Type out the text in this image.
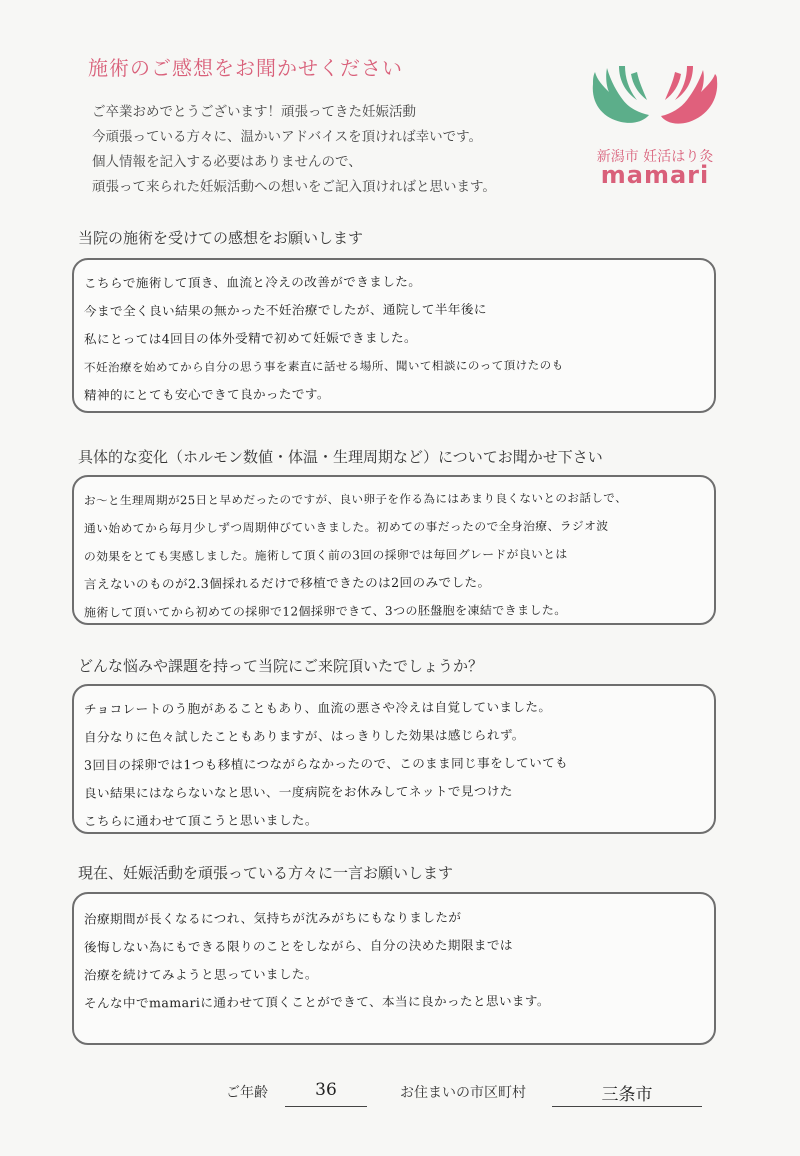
施術のご感想をお聞かせください
ご卒業おめでとうございます！頑張ってきた妊娠活動
今頑張っている方々に、温かいアドバイスを頂ければ幸いです。
個人情報を記入する必要はありませんので、
頑張って来られた妊娠活動への想いをご記入頂ければと思います。
新潟市 妊活はり灸
mamari
当院の施術を受けての感想をお願いします
こちらで施術して頂き、血流と冷えの改善ができました。
今まで全く良い結果の無かった不妊治療でしたが、通院して半年後に
私にとっては4回目の体外受精で初めて妊娠できました。
不妊治療を始めてから自分の思う事を素直に話せる場所、聞いて相談にのって頂けたのも
精神的にとても安心できて良かったです。
具体的な変化（ホルモン数値・体温・生理周期など）についてお聞かせ下さい
お～と生理周期が25日と早めだったのですが、良い卵子を作る為にはあまり良くないとのお話しで、
通い始めてから毎月少しずつ周期伸びていきました。初めての事だったので全身治療、ラジオ波
の効果をとても実感しました。施術して頂く前の3回の採卵では毎回グレードが良いとは
言えないのものが2.3個採れるだけで移植できたのは2回のみでした。
施術して頂いてから初めての採卵で12個採卵できて、3つの胚盤胞を凍結できました。
どんな悩みや課題を持って当院にご来院頂いたでしょうか？
チョコレートのう胞があることもあり、血流の悪さや冷えは自覚していました。
自分なりに色々試したこともありますが、はっきりした効果は感じられず。
3回目の採卵では1つも移植につながらなかったので、このまま同じ事をしていても
良い結果にはならないなと思い、一度病院をお休みしてネットで見つけた
こちらに通わせて頂こうと思いました。
現在、妊娠活動を頑張っている方々に一言お願いします
治療期間が長くなるにつれ、気持ちが沈みがちにもなりましたが
後悔しない為にもできる限りのことをしながら、自分の決めた期限までは
治療を続けてみようと思っていました。
そんな中でmamariに通わせて頂くことができて、本当に良かったと思います。
ご年齢	36	お住まいの市区町村	三条市
